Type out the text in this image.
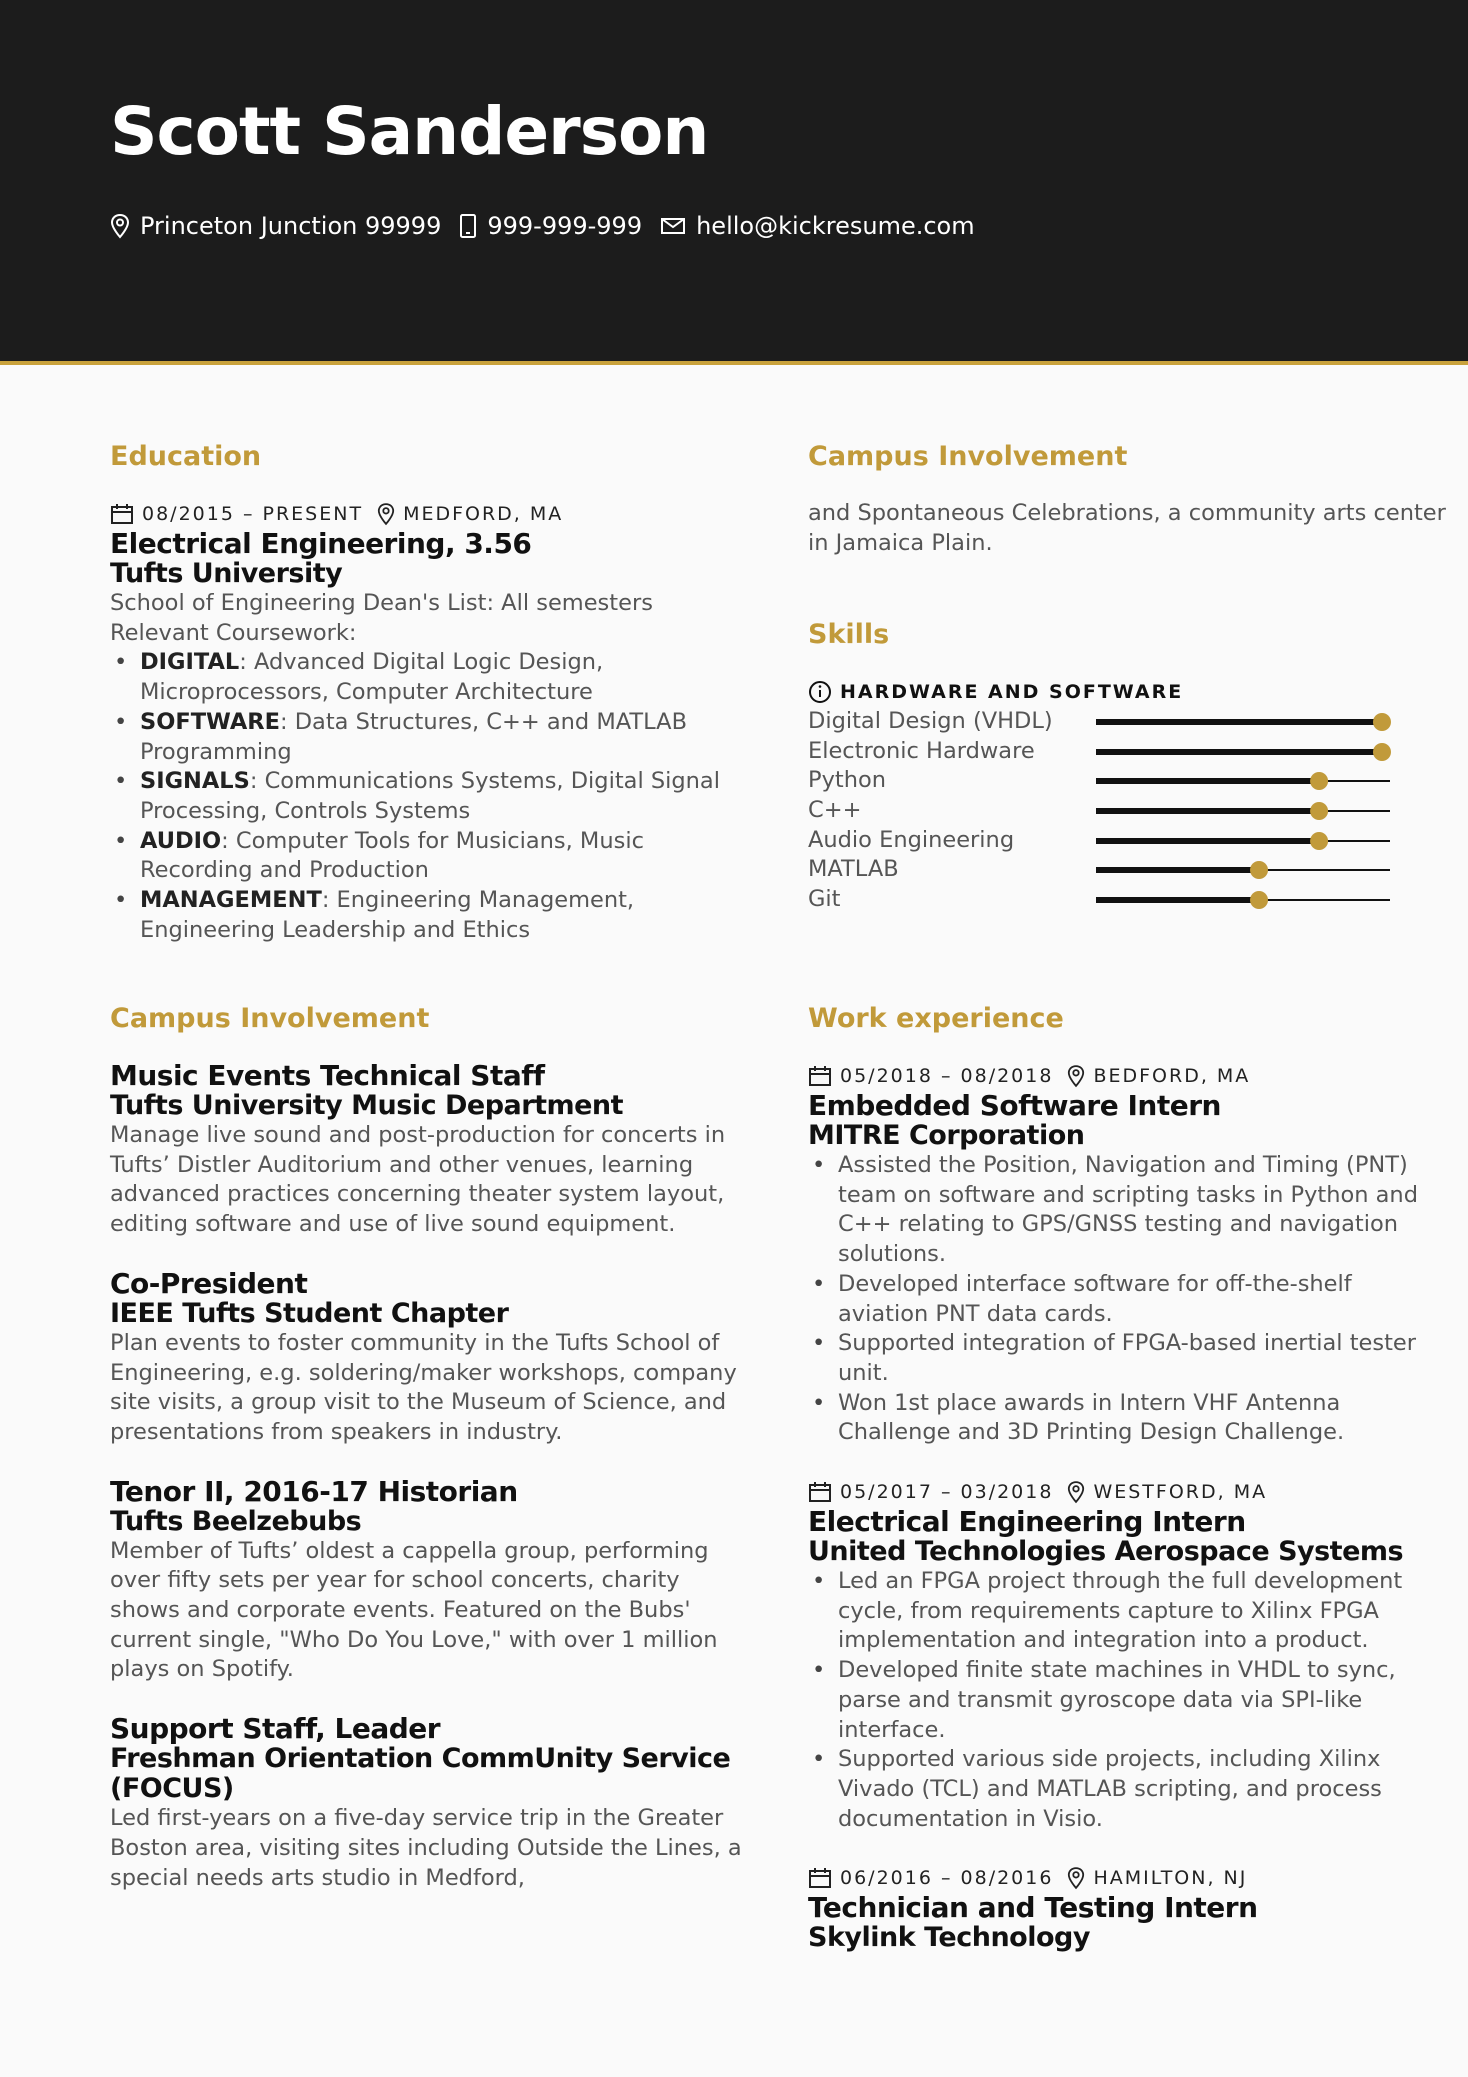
Scott Sanderson
Princeton Junction 99999 999-999-999 hello@kickresume.com
Education
08/2015 – PRESENT MEDFORD, MA
Electrical Engineering, 3.56
Tufts University
School of Engineering Dean's List: All semesters
Relevant Coursework:
• DIGITAL: Advanced Digital Logic Design, Microprocessors, Computer Architecture
• SOFTWARE: Data Structures, C++ and MATLAB Programming
• SIGNALS: Communications Systems, Digital Signal Processing, Controls Systems
• AUDIO: Computer Tools for Musicians, Music Recording and Production
• MANAGEMENT: Engineering Management, Engineering Leadership and Ethics
Campus Involvement
Music Events Technical Staff
Tufts University Music Department
Manage live sound and post-production for concerts in Tufts’ Distler Auditorium and other venues, learning advanced practices concerning theater system layout,
editing software and use of live sound equipment.
Co-President
IEEE Tufts Student Chapter
Plan events to foster community in the Tufts School of Engineering, e.g. soldering/maker workshops, company site visits, a group visit to the Museum of Science, and presentations from speakers in industry.
Tenor II, 2016-17 Historian
Tufts Beelzebubs
Member of Tufts’ oldest a cappella group, performing over fifty sets per year for school concerts, charity shows and corporate events. Featured on the Bubs' current single, "Who Do You Love," with over 1 million plays on Spotify.
Support Staff, Leader
Freshman Orientation CommUnity Service (FOCUS)
Led first-years on a five-day service trip in the Greater Boston area, visiting sites including Outside the Lines, a special needs arts studio in Medford,
Campus Involvement
and Spontaneous Celebrations, a community arts center in Jamaica Plain.
Skills
HARDWARE AND SOFTWARE
Digital Design (VHDL)
Electronic Hardware
Python
C++
Audio Engineering
MATLAB
Git
Work experience
05/2018 – 08/2018 BEDFORD, MA
Embedded Software Intern
MITRE Corporation
• Assisted the Position, Navigation and Timing (PNT) team on software and scripting tasks in Python and C++ relating to GPS/GNSS testing and navigation solutions.
• Developed interface software for off-the-shelf aviation PNT data cards.
• Supported integration of FPGA-based inertial tester unit.
• Won 1st place awards in Intern VHF Antenna Challenge and 3D Printing Design Challenge.
05/2017 – 03/2018 WESTFORD, MA
Electrical Engineering Intern
United Technologies Aerospace Systems
• Led an FPGA project through the full development cycle, from requirements capture to Xilinx FPGA implementation and integration into a product.
• Developed finite state machines in VHDL to sync, parse and transmit gyroscope data via SPI-like interface.
• Supported various side projects, including Xilinx Vivado (TCL) and MATLAB scripting, and process documentation in Visio.
06/2016 – 08/2016 HAMILTON, NJ
Technician and Testing Intern
Skylink Technology
